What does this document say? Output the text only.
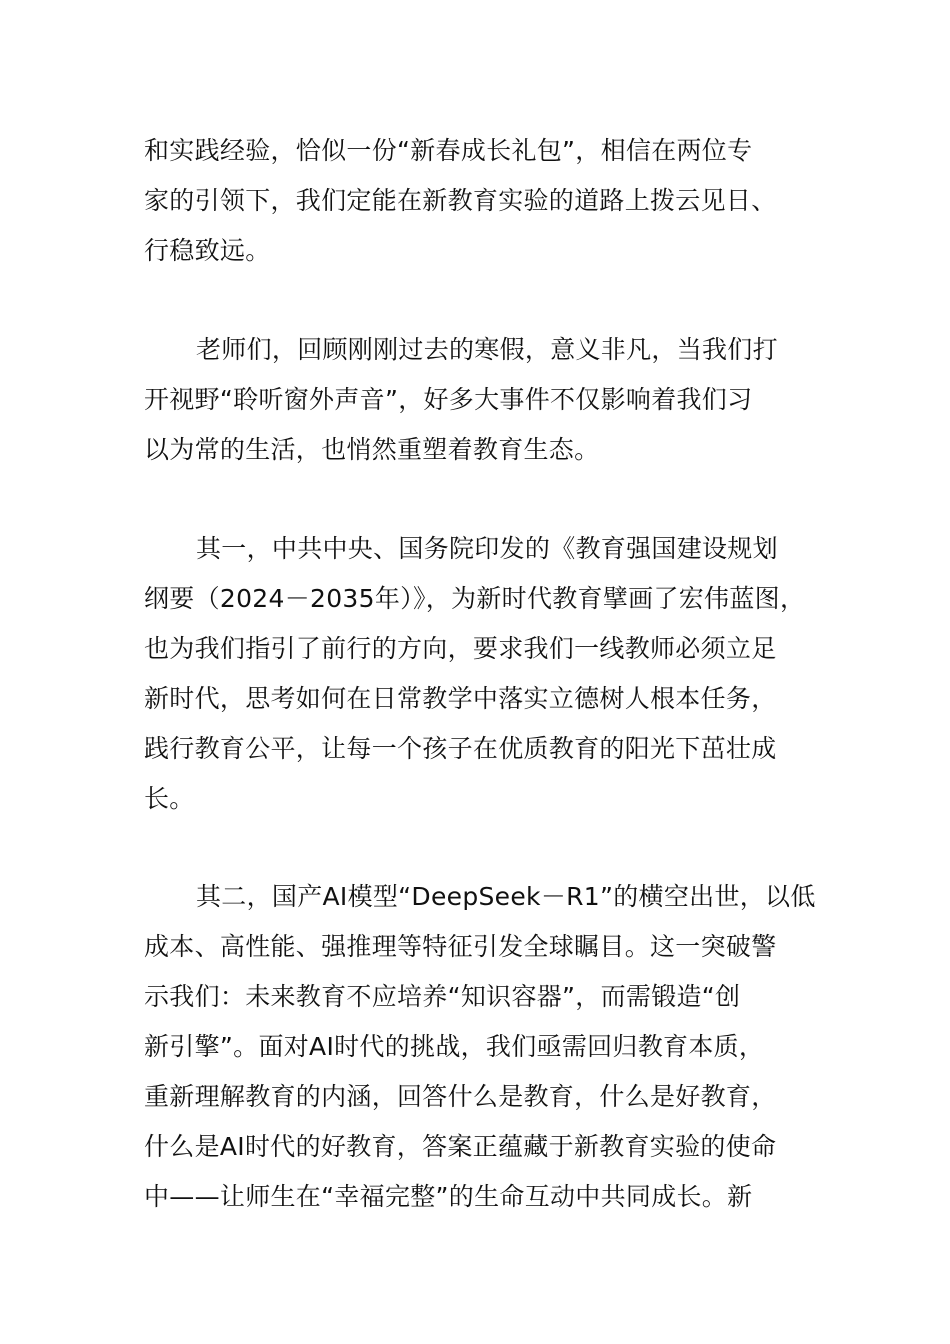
和实践经验，恰似一份“新春成长礼包”，相信在两位专
家的引领下，我们定能在新教育实验的道路上拨云见日、
行稳致远。
老师们，回顾刚刚过去的寒假，意义非凡，当我们打
开视野“聆听窗外声音”，好多大事件不仅影响着我们习
以为常的生活，也悄然重塑着教育生态。
其一，中共中央、国务院印发的《教育强国建设规划
纲要（2024－2035年）》，为新时代教育擘画了宏伟蓝图，
也为我们指引了前行的方向，要求我们一线教师必须立足
新时代，思考如何在日常教学中落实立德树人根本任务，
践行教育公平，让每一个孩子在优质教育的阳光下茁壮成
长。
其二，国产AI模型“DeepSeek－R1”的横空出世，以低
成本、高性能、强推理等特征引发全球瞩目。这一突破警
示我们：未来教育不应培养“知识容器”，而需锻造“创
新引擎”。面对AI时代的挑战，我们亟需回归教育本质，
重新理解教育的内涵，回答什么是教育，什么是好教育，
什么是AI时代的好教育，答案正蕴藏于新教育实验的使命
中——让师生在“幸福完整”的生命互动中共同成长。新
